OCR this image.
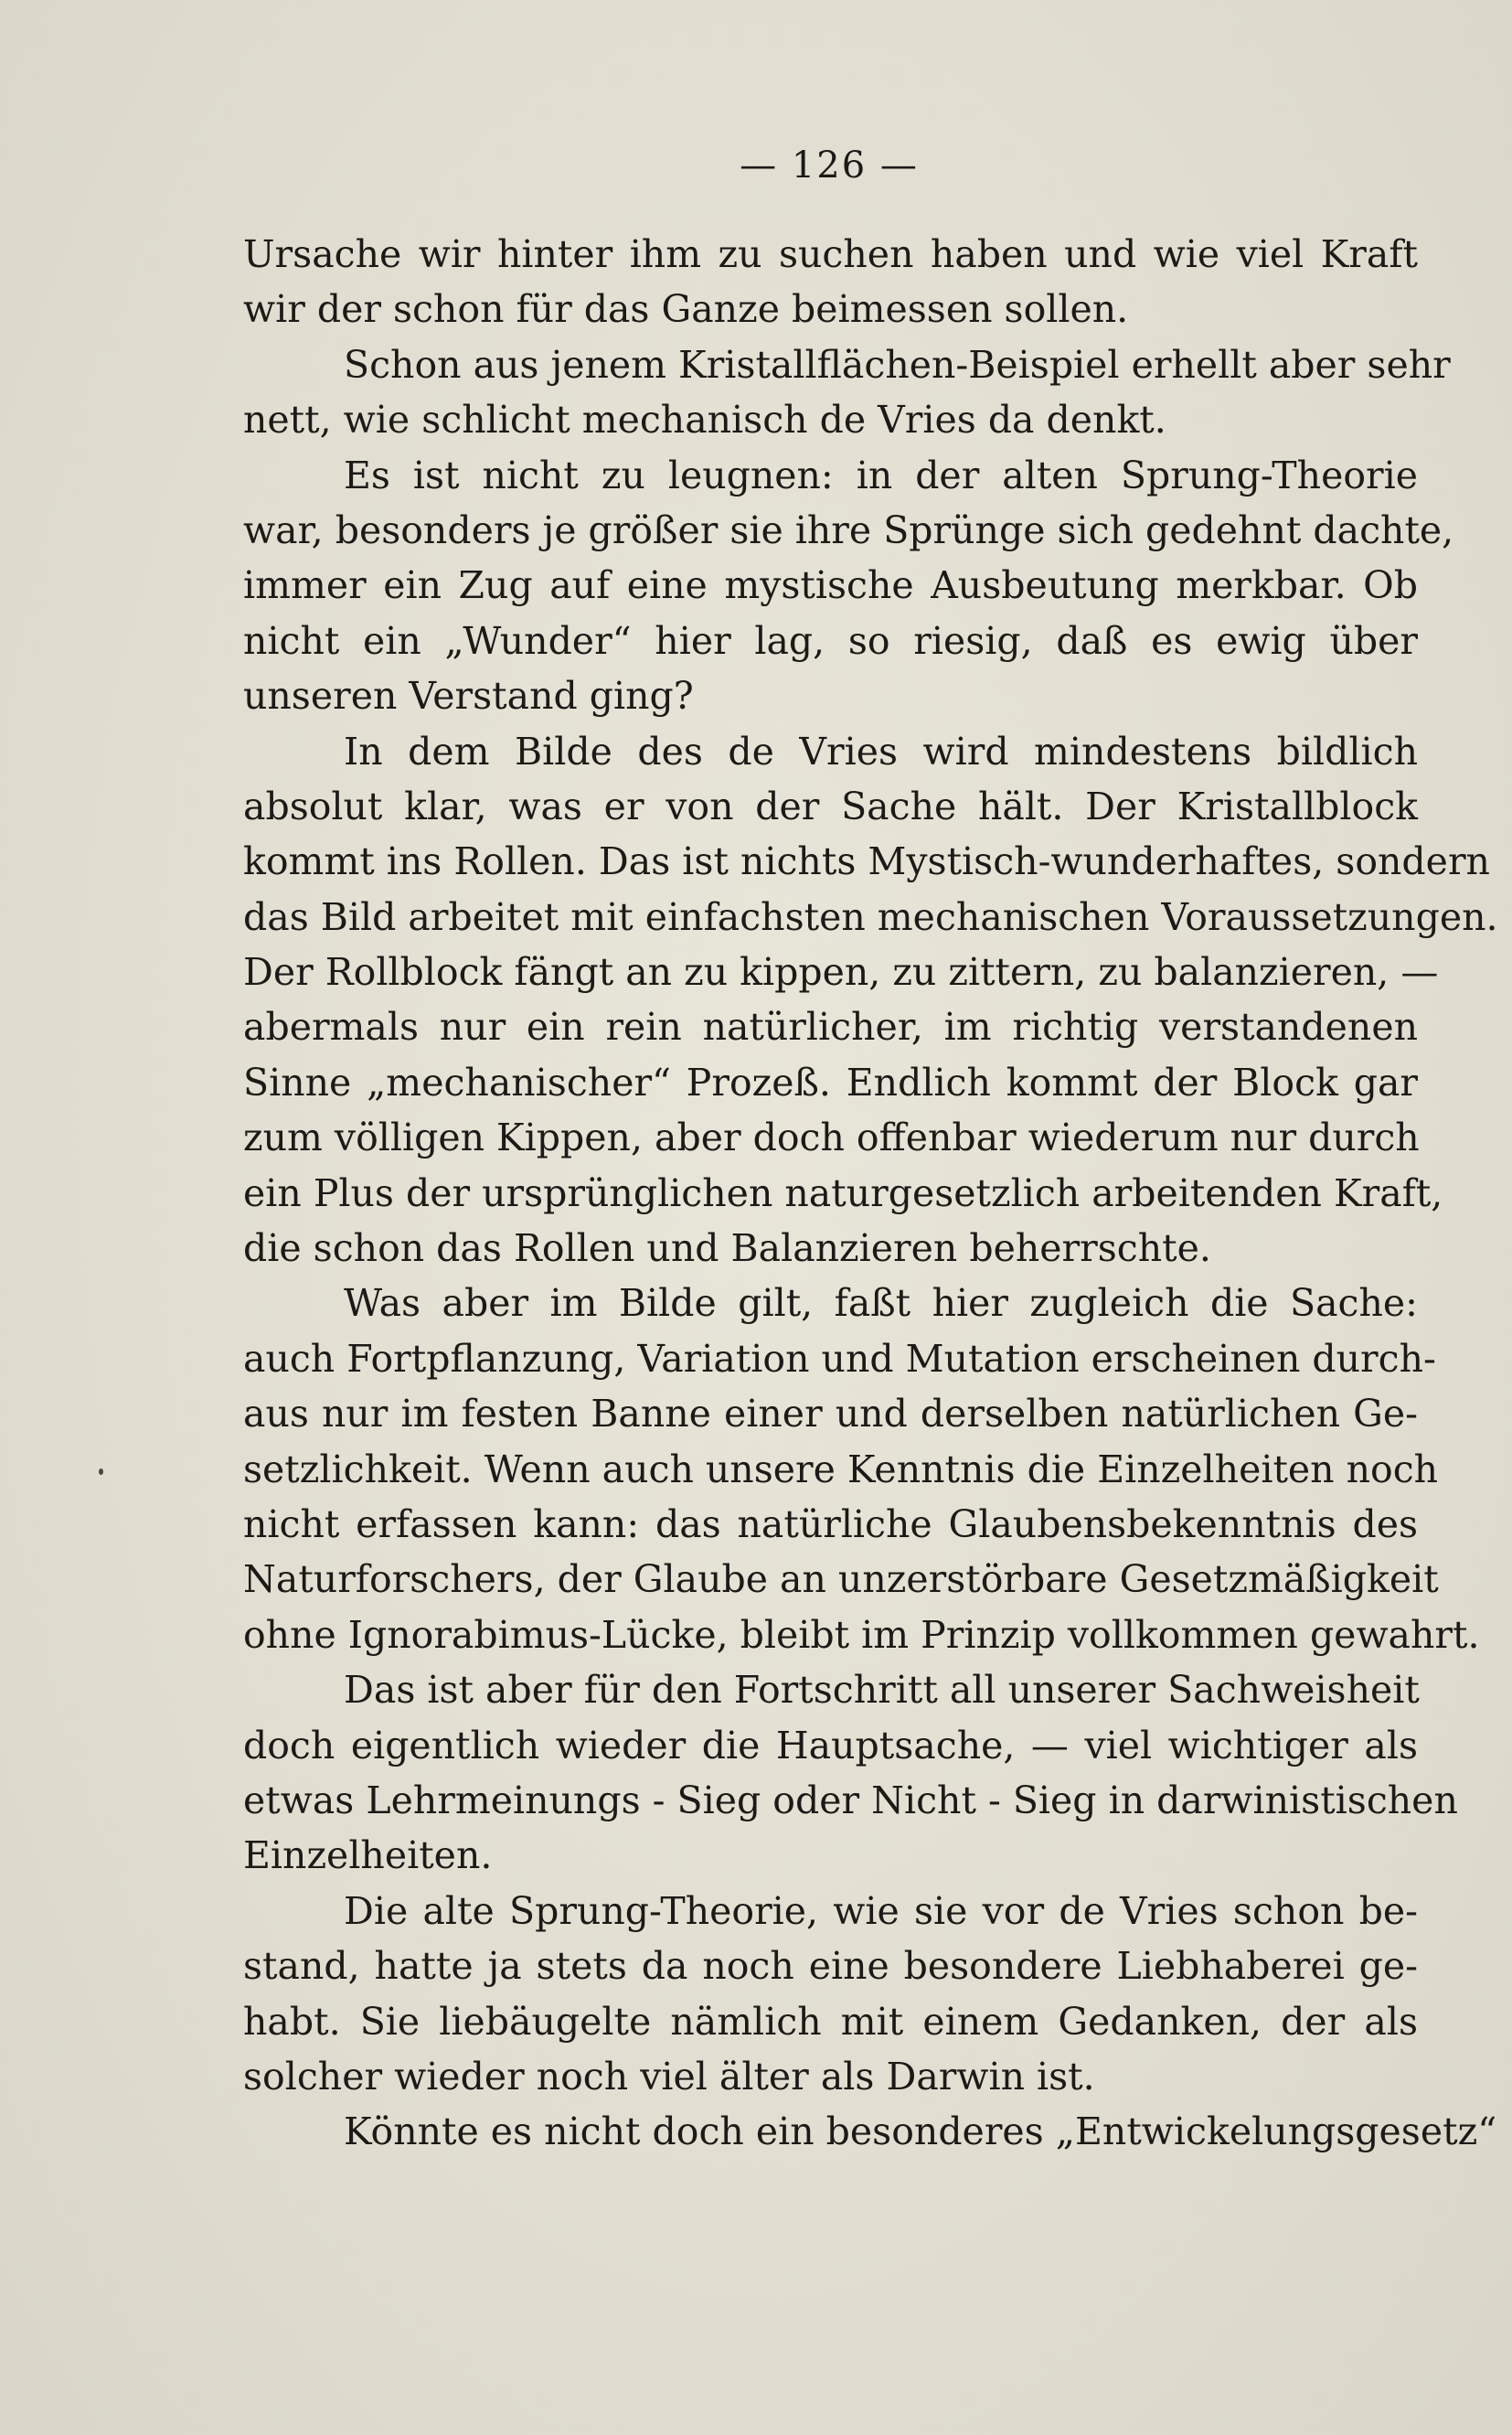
— 126 —
Ursache wir hinter ihm zu suchen haben und wie viel Kraft
wir der schon für das Ganze beimessen sollen.
Schon aus jenem Kristallflächen-Beispiel erhellt aber sehr
nett, wie schlicht mechanisch de Vries da denkt.
Es ist nicht zu leugnen: in der alten Sprung-Theorie
war, besonders je größer sie ihre Sprünge sich gedehnt dachte,
immer ein Zug auf eine mystische Ausbeutung merkbar. Ob
nicht ein „Wunder“ hier lag, so riesig, daß es ewig über
unseren Verstand ging?
In dem Bilde des de Vries wird mindestens bildlich
absolut klar, was er von der Sache hält. Der Kristallblock
kommt ins Rollen. Das ist nichts Mystisch-wunderhaftes, sondern
das Bild arbeitet mit einfachsten mechanischen Voraussetzungen.
Der Rollblock fängt an zu kippen, zu zittern, zu balanzieren, —
abermals nur ein rein natürlicher, im richtig verstandenen
Sinne „mechanischer“ Prozeß. Endlich kommt der Block gar
zum völligen Kippen, aber doch offenbar wiederum nur durch
ein Plus der ursprünglichen naturgesetzlich arbeitenden Kraft,
die schon das Rollen und Balanzieren beherrschte.
Was aber im Bilde gilt, faßt hier zugleich die Sache:
auch Fortpflanzung, Variation und Mutation erscheinen durch-
aus nur im festen Banne einer und derselben natürlichen Ge-
setzlichkeit. Wenn auch unsere Kenntnis die Einzelheiten noch
nicht erfassen kann: das natürliche Glaubensbekenntnis des
Naturforschers, der Glaube an unzerstörbare Gesetzmäßigkeit
ohne Ignorabimus-Lücke, bleibt im Prinzip vollkommen gewahrt.
Das ist aber für den Fortschritt all unserer Sachweisheit
doch eigentlich wieder die Hauptsache, — viel wichtiger als
etwas Lehrmeinungs - Sieg oder Nicht - Sieg in darwinistischen
Einzelheiten.
Die alte Sprung-Theorie, wie sie vor de Vries schon be-
stand, hatte ja stets da noch eine besondere Liebhaberei ge-
habt. Sie liebäugelte nämlich mit einem Gedanken, der als
solcher wieder noch viel älter als Darwin ist.
Könnte es nicht doch ein besonderes „Entwickelungsgesetz“
